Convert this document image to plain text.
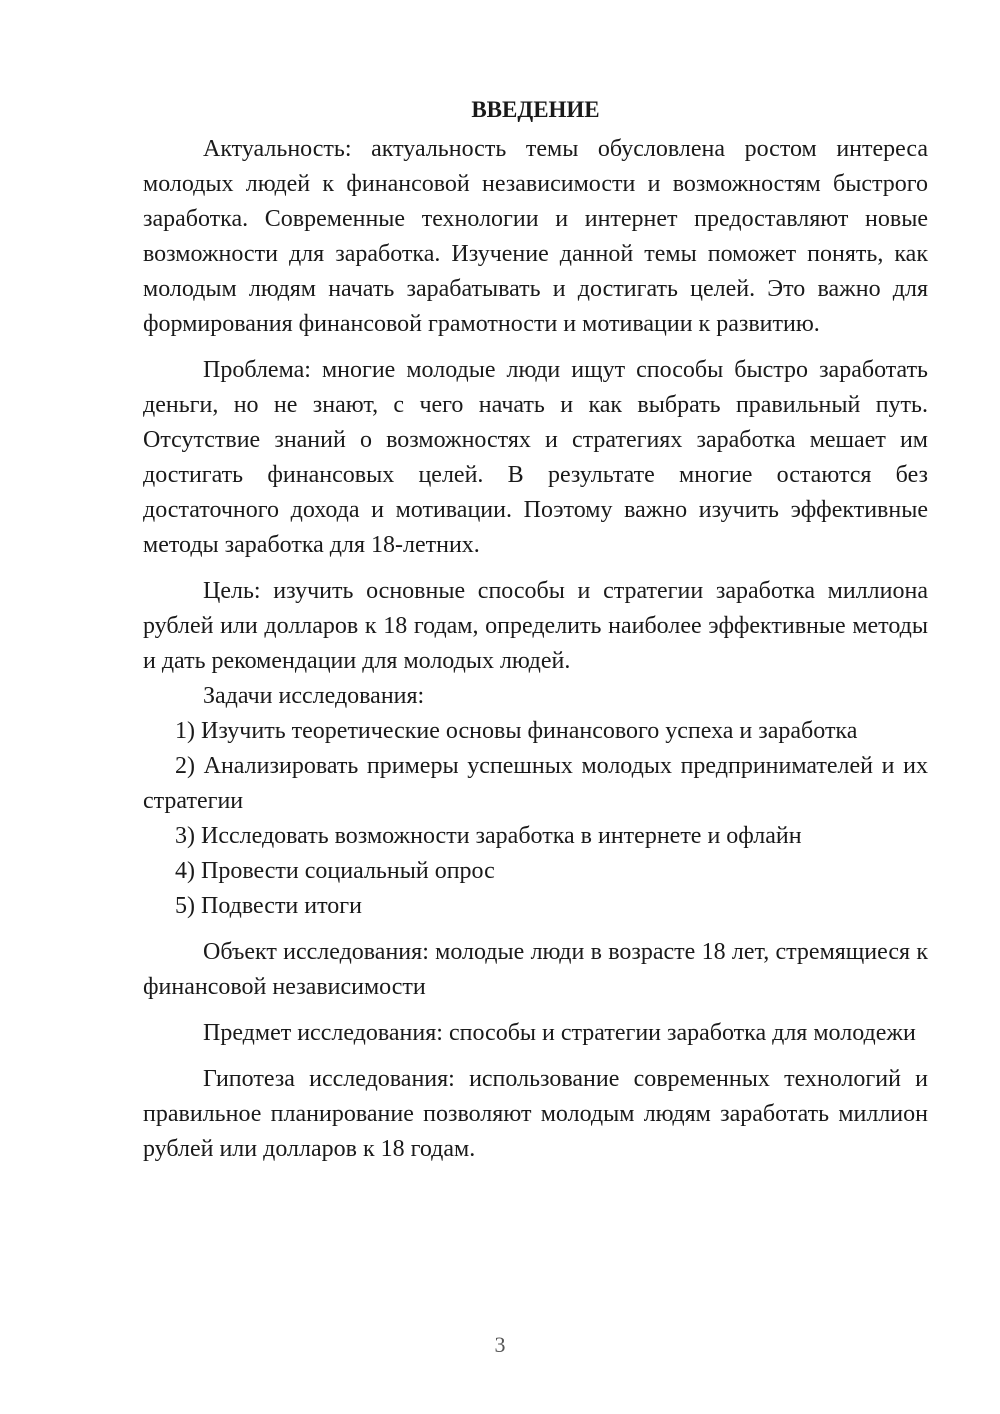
ВВЕДЕНИЕ

Актуальность: актуальность темы обусловлена ростом интереса молодых людей к финансовой независимости и возможностям быстрого заработка. Современные технологии и интернет предоставляют новые возможности для заработка. Изучение данной темы поможет понять, как молодым людям начать зарабатывать и достигать целей. Это важно для формирования финансовой грамотности и мотивации к развитию.

Проблема: многие молодые люди ищут способы быстро заработать деньги, но не знают, с чего начать и как выбрать правильный путь. Отсутствие знаний о возможностях и стратегиях заработка мешает им достигать финансовых целей. В результате многие остаются без достаточного дохода и мотивации. Поэтому важно изучить эффективные методы заработка для 18-летних.

Цель: изучить основные способы и стратегии заработка миллиона рублей или долларов к 18 годам, определить наиболее эффективные методы и дать рекомендации для молодых людей.

Задачи исследования:

1) Изучить теоретические основы финансового успеха и заработка

2) Анализировать примеры успешных молодых предпринимателей и их стратегии

3) Исследовать возможности заработка в интернете и офлайн

4) Провести социальный опрос

5) Подвести итоги

Объект исследования: молодые люди в возрасте 18 лет, стремящиеся к финансовой независимости

Предмет исследования: способы и стратегии заработка для молодежи

Гипотеза исследования: использование современных технологий и правильное планирование позволяют молодым людям заработать миллион рублей или долларов к 18 годам.

3
